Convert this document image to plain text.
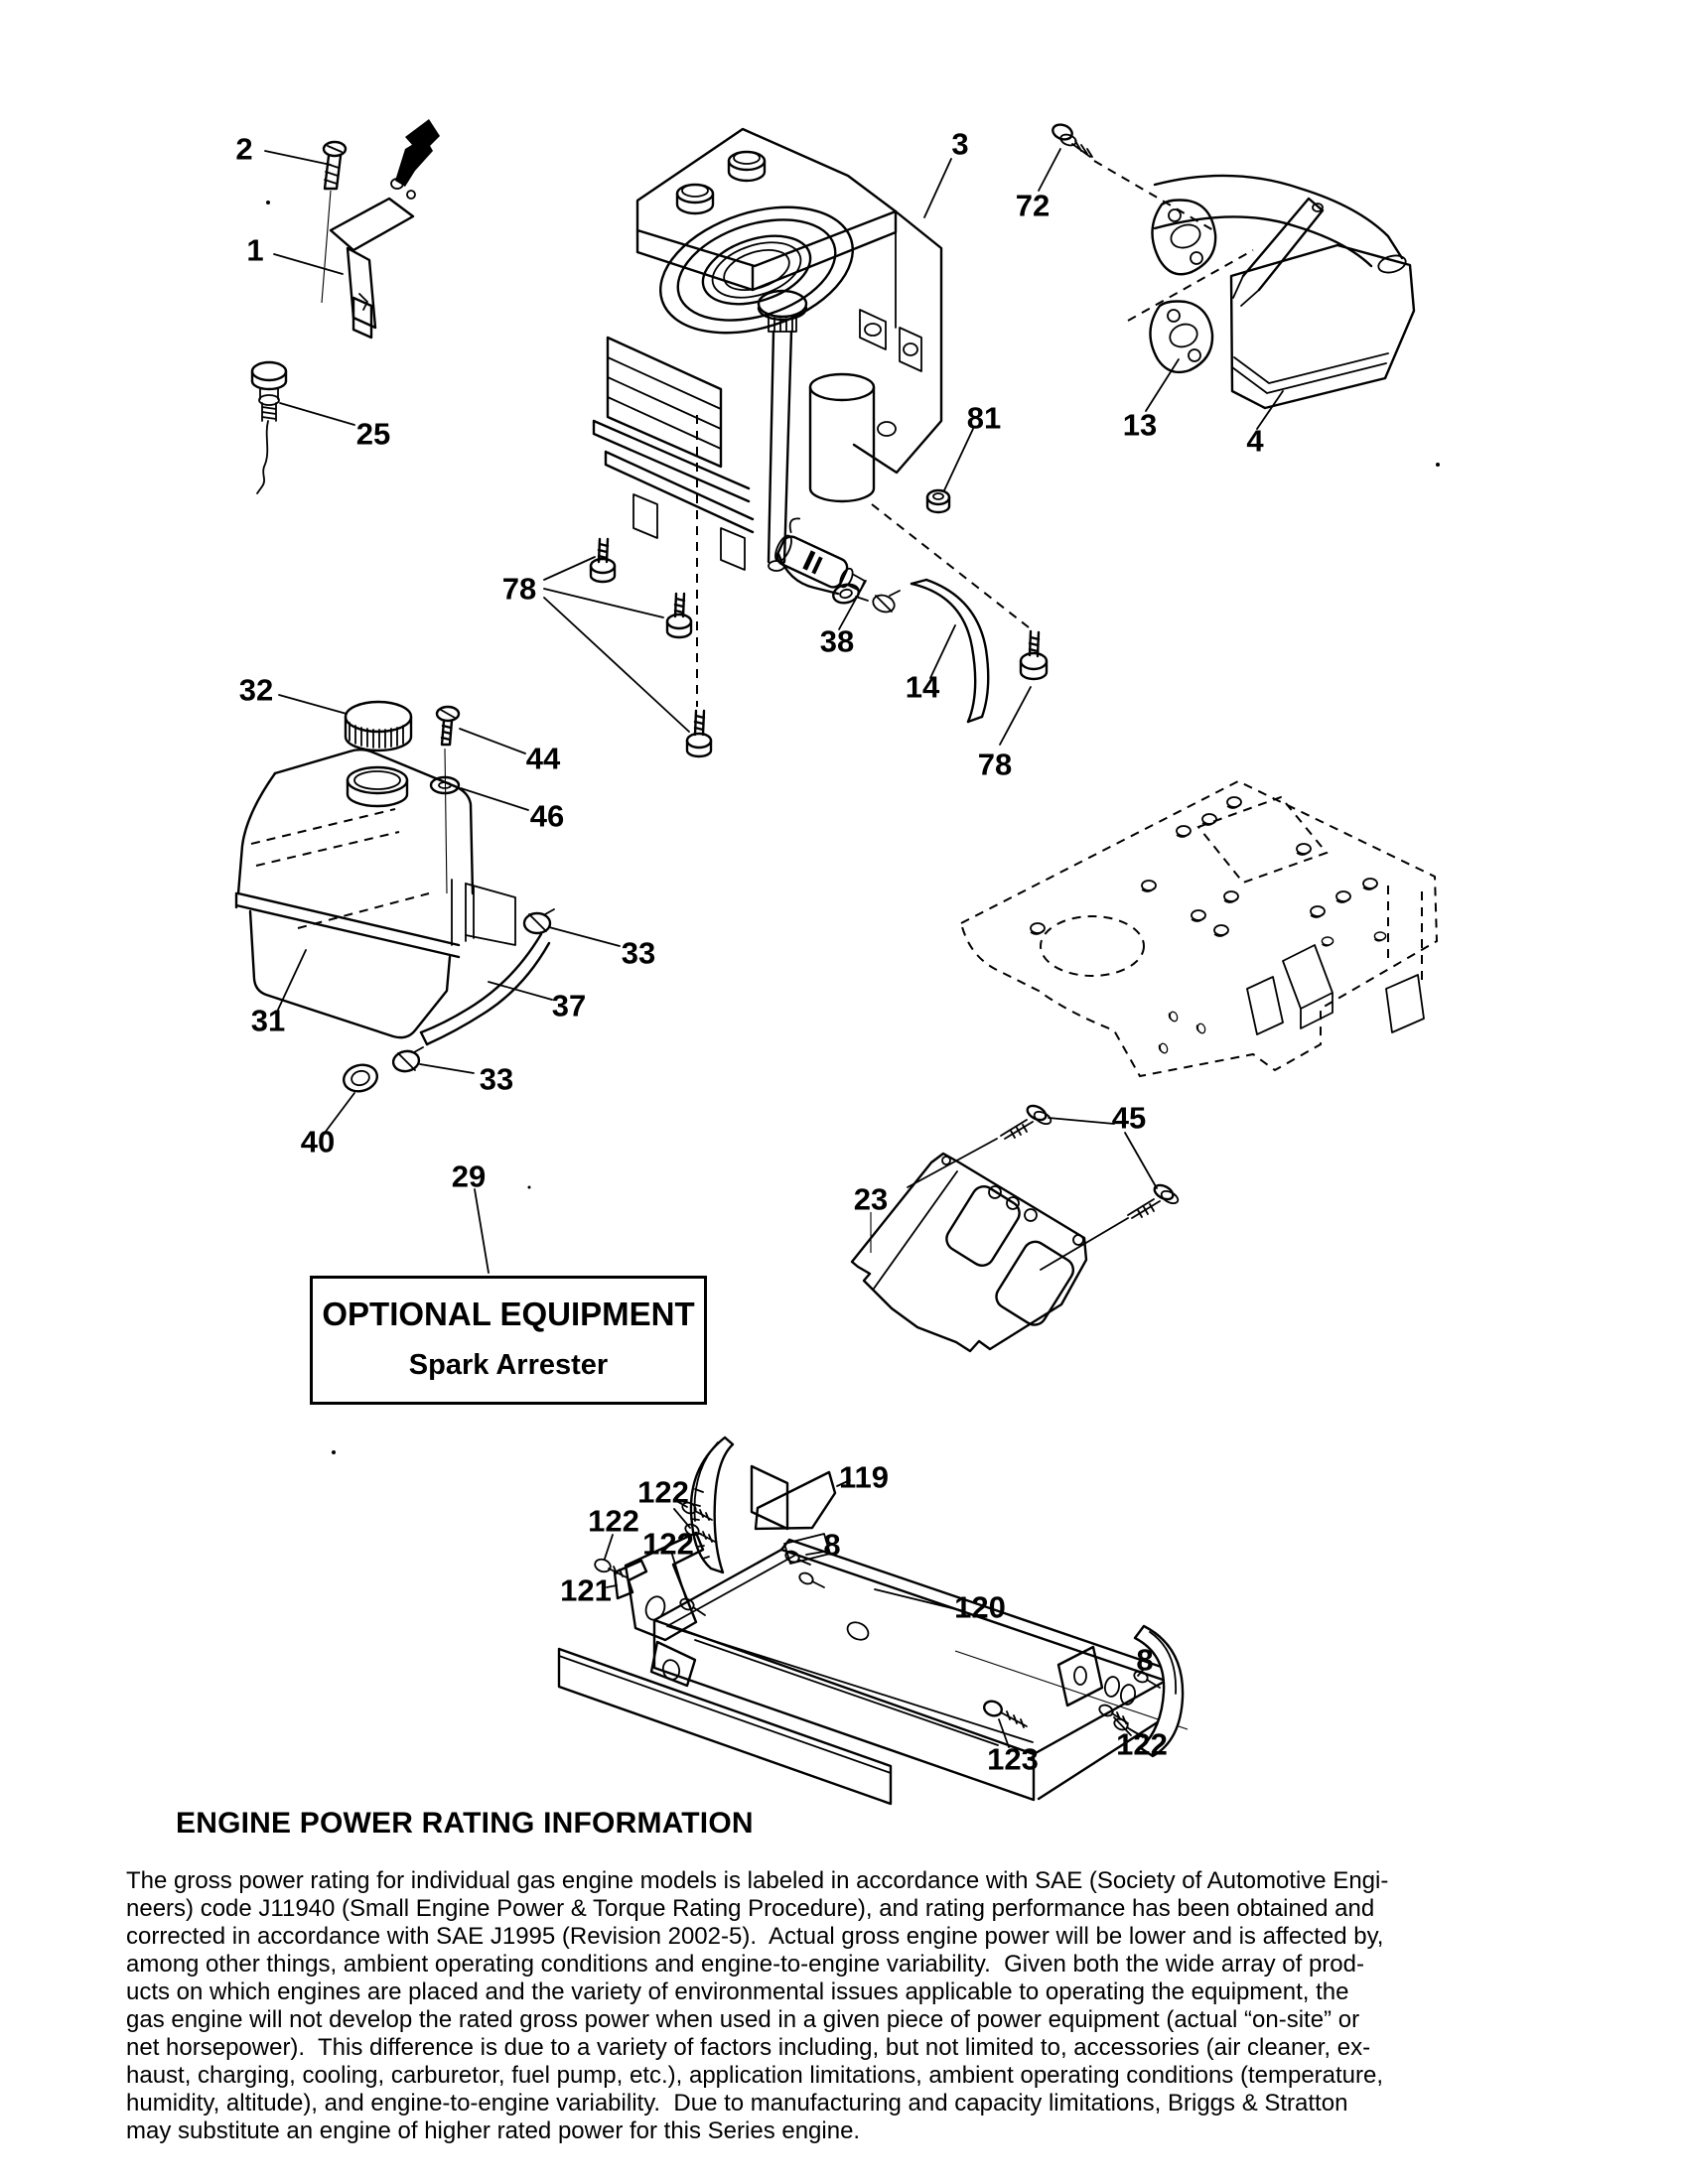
2
1
25
3
81
72
13	4
78
38
14
78
32
44
46
31
33
37
33
40
29
23
45
122	119
122
122	8
121	120
8
123	122
OPTIONAL EQUIPMENT
Spark Arrester
ENGINE POWER RATING INFORMATION
The gross power rating for individual gas engine models is labeled in accordance with SAE (Society of Automotive Engi-
neers) code J11940 (Small Engine Power & Torque Rating Procedure), and rating performance has been obtained and
corrected in accordance with SAE J1995 (Revision 2002-5).  Actual gross engine power will be lower and is affected by,
among other things, ambient operating conditions and engine-to-engine variability.  Given both the wide array of prod-
ucts on which engines are placed and the variety of environmental issues applicable to operating the equipment, the
gas engine will not develop the rated gross power when used in a given piece of power equipment (actual “on-site” or
net horsepower).  This difference is due to a variety of factors including, but not limited to, accessories (air cleaner, ex-
haust, charging, cooling, carburetor, fuel pump, etc.), application limitations, ambient operating conditions (temperature,
humidity, altitude), and engine-to-engine variability.  Due to manufacturing and capacity limitations, Briggs & Stratton
may substitute an engine of higher rated power for this Series engine.
